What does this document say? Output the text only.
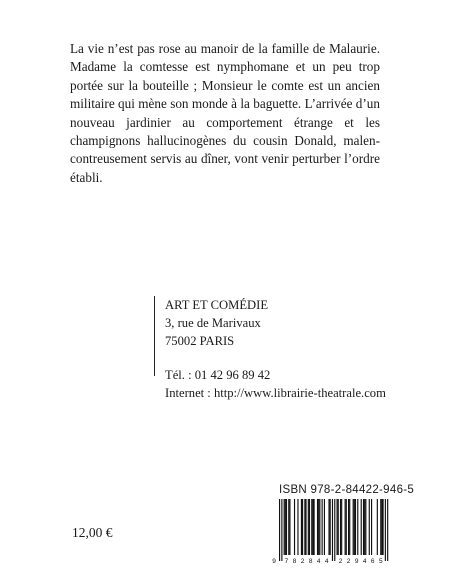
La vie n’est pas rose au manoir de la famille de Malaurie. Madame la comtesse est nymphomane et un peu trop portée sur la bouteille ; Monsieur le comte est un ancien militaire qui mène son monde à la baguette. L’arrivée d’un nouveau jardinier au comportement étrange et les champignons hallucinogènes du cousin Donald, malencontreusement servis au dîner, vont venir perturber l’ordre établi.

ART ET COMÉDIE
3, rue de Marivaux
75002 PARIS
Tél. : 01 42 96 89 42
Internet : http://www.librairie-theatrale.com
ISBN 978-2-84422-946-5
9 7 8 2 8 4 4 2 2 9 4 6 5
12,00 €
